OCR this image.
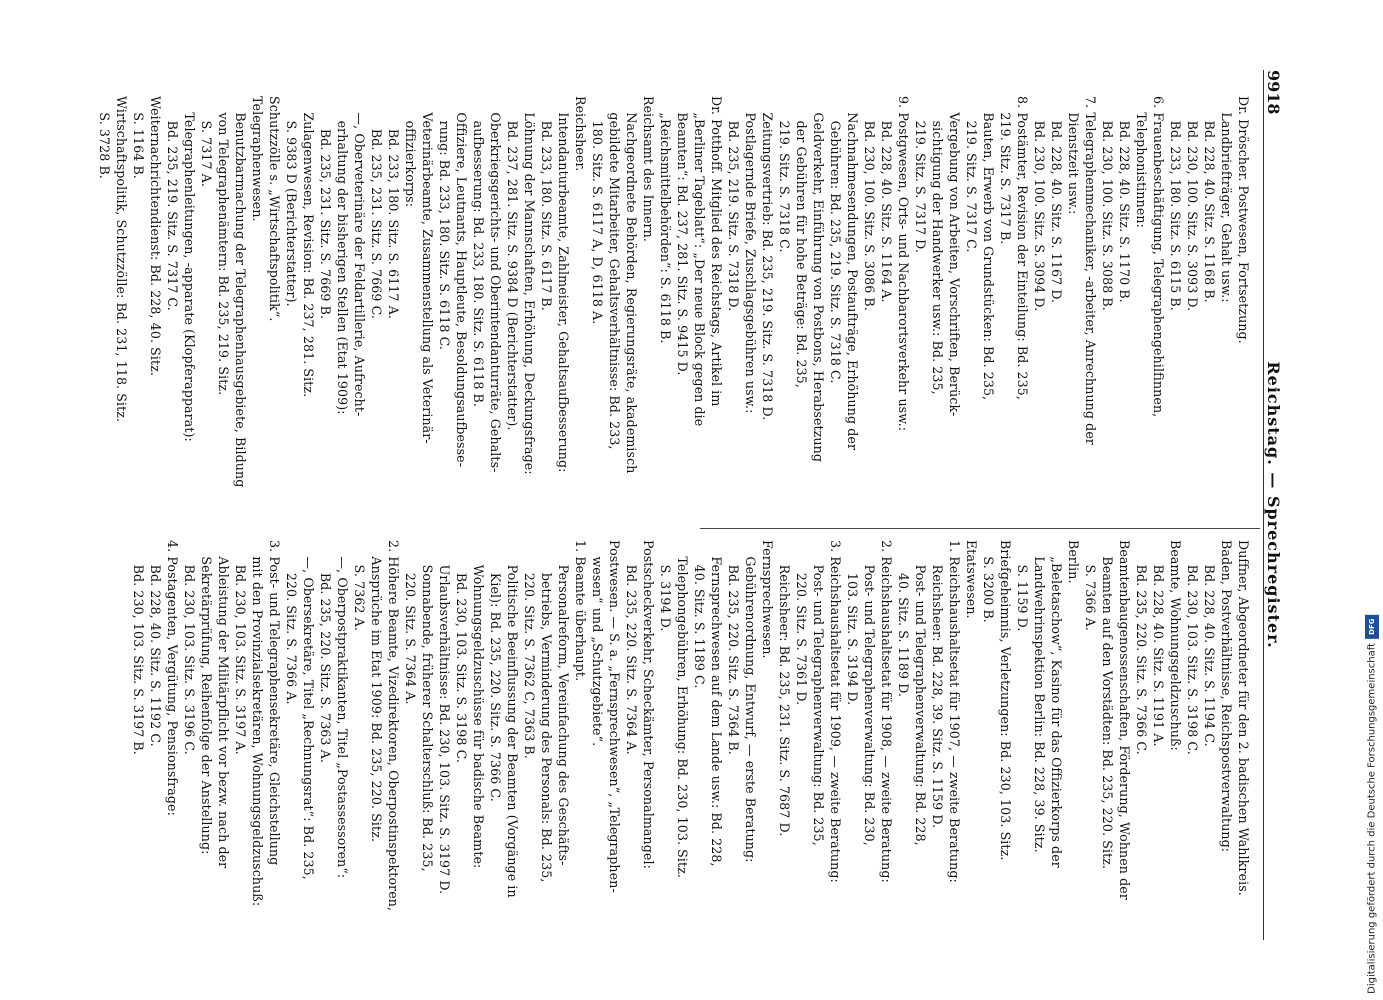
9918
Reichstag. — Sprechregister.
Dr. Dröscher. Postwesen, Fortsetzung.
Landbriefträger, Gehalt usw.:
Bd. 228, 40. Sitz. S. 1168 B.
Bd. 230, 100. Sitz. S. 3093 D.
Bd. 233, 180. Sitz. S. 6115 B.
6. Frauenbeschäftigung, Telegraphengehilfinnen,
Telephonistinnen:
Bd. 228, 40. Sitz. S. 1170 B.
Bd. 230, 100. Sitz. S. 3088 B.
7. Telegraphenmechaniker, -arbeiter, Anrechnung der
Dienstzeit usw.:
Bd. 228, 40. Sitz. S. 1167 D.
Bd. 230, 100. Sitz. S. 3094 D.
8. Postämter, Revision der Einteilung: Bd. 235,
219. Sitz. S. 7317 B.
Bauten, Erwerb von Grundstücken: Bd. 235,
219. Sitz. S. 7317 C.
Vergebung von Arbeiten, Vorschriften, Berück-
sichtigung der Handwerker usw.: Bd. 235,
219. Sitz. S. 7317 D.
9. Postgwesen, Orts- und Nachbarortsverkehr usw.:
Bd. 228, 40. Sitz. S. 1164 A.
Bd. 230, 100. Sitz. S. 3086 B.
Nachnahmesendungen, Postaufträge, Erhöhung der
Gebühren: Bd. 235, 219. Sitz. S. 7318 C.
Geldverkehr, Einführung von Postbons, Herabsetzung
der Gebühren für hohe Beträge: Bd. 235,
219. Sitz. S. 7318 C.
Zeitungsvertrieb: Bd. 235, 219. Sitz. S. 7318 D.
Postlagernde Briefe, Zuschlagsgebühren usw.:
Bd. 235, 219. Sitz. S. 7318 D.
Dr. Potthoff. Mitglied des Reichstags, Artikel im
„Berliner Tageblatt“: „Der neue Block gegen die
Beamten“: Bd. 237, 281. Sitz. S. 9415 D.
„Reichsmittelbehörden“: S. 6118 B.
Reichsamt des Innern.
Nachgeordnete Behörden, Regierungsräte, akademisch
gebildete Mitarbeiter, Gehaltsverhältnisse: Bd. 233,
180. Sitz. S. 6117 A, D, 6118 A.
Reichsheer.
Intendanturbeamte, Zahlmeister, Gehaltsaufbesserung:
Bd. 233, 180. Sitz. S. 6117 B.
Löhnung der Mannschaften, Erhöhung, Deckungsfrage:
Bd. 237, 281. Sitz. S. 9384 D (Berichterstatter).
Oberkriegsgerichts- und Oberintendanturräte, Gehalts-
aufbesserung: Bd. 233, 180. Sitz. S. 6118 B.
Offiziere, Leutnants, Hauptleute, Besoldungsaufbesse-
rung: Bd. 233, 180. Sitz. S. 6118 C.
Veterinärbeamte, Zusammenstellung als Veterinär-
offizierkorps:
Bd. 233, 180. Sitz. S. 6117 A.
Bd. 235, 231. Sitz. S. 7669 C.
—, Oberveterinäre der Feldartillerie, Aufrecht-
erhaltung der bisherigen Stellen (Etat 1909):
Bd. 235, 231. Sitz. S. 7669 B.
Zulagenwesen, Revision: Bd. 237, 281. Sitz.
S. 9383 D (Berichterstatter).
Schutzzölle s. „Wirtschaftspolitik“.
Telegraphenwesen.
Benutzbarmachung der Telegraphenhausgebiete, Bildung
von Telegraphenämtern: Bd. 235, 219. Sitz.
S. 7317 A.
Telegraphenleitungen, -apparate (Klopferapparat):
Bd. 235, 219. Sitz. S. 7317 C.
Weiternachrichtendienst: Bd. 228, 40. Sitz.
S. 1164 B.
Wirtschaftspolitik, Schutzzölle: Bd. 231, 118. Sitz.
S. 3728 B.
Duffner, Abgeordneter für den 2. badischen Wahlkreis.
Baden, Postverhältnisse, Reichspostverwaltung:
Bd. 228, 40. Sitz. S. 1194 C.
Bd. 230, 103. Sitz. S. 3198 C.
Beamte, Wohnungsgeldzuschuß:
Bd. 228, 40. Sitz. S. 1191 A.
Bd. 235, 220. Sitz. S. 7366 C.
Beamtenbaugenossenschaften, Förderung, Wohnen der
Beamten auf den Vorstädten: Bd. 235, 220. Sitz.
S. 7366 A.
Berlin.
„Beletaschow“, Kasino für das Offizierkorps der
Landwehrinspektion Berlin: Bd. 228, 39. Sitz.
S. 1159 D.
Briefgeheimnis, Verletzungen: Bd. 230, 103. Sitz.
S. 3200 B.
Etatswesen.
1. Reichshaushaltsetat für 1907, — zweite Beratung:
Reichsheer: Bd. 228, 39. Sitz. S. 1159 D.
Post- und Telegraphenverwaltung: Bd. 228,
40. Sitz. S. 1189 D.
2. Reichshaushaltsetat für 1908, — zweite Beratung:
Post- und Telegraphenverwaltung: Bd. 230,
103. Sitz. S. 3194 D.
3. Reichshaushaltsetat für 1909, — zweite Beratung:
Post- und Telegraphenverwaltung: Bd. 235,
220. Sitz. S. 7361 D.
Reichsheer: Bd. 235, 231. Sitz. S. 7687 D.
Fernsprechwesen.
Gebührenordnung, Entwurf, — erste Beratung:
Bd. 235, 220. Sitz. S. 7364 B.
Fernsprechwesen auf dem Lande usw.: Bd. 228,
40. Sitz. S. 1189 C.
Telephongebühren, Erhöhung: Bd. 230, 103. Sitz.
S. 3194 D.
Postscheckverkehr, Scheckämter, Personalmangel:
Bd. 235, 220. Sitz. S. 7364 A.
Postwesen. — S. a. „Fernsprechwesen“, „Telegraphen-
wesen“ und „Schutzgebiete“.
1. Beamte überhaupt.
Personalreform, Vereinfachung des Geschäfts-
betriebs, Verminderung des Personals: Bd. 235,
220. Sitz. S. 7362 C, 7363 B.
Politische Beeinflussung der Beamten (Vorgänge in
Kiel): Bd. 235, 220. Sitz. S. 7366 C.
Wohnungsgeldzuschüsse für badische Beamte:
Bd. 230, 103. Sitz. S. 3198 C.
Urlaubsverhältnisse: Bd. 230, 103. Sitz. S. 3197 D.
Sonnabende, früherer Schalterschluß: Bd. 235,
220. Sitz. S. 7364 A.
2. Höhere Beamte, Vizedirektoren, Oberpostinspektoren,
Ansprüche im Etat 1909: Bd. 235, 220. Sitz.
S. 7362 A.
—, Oberpostpraktikanten, Titel „Postassessoren“:
Bd. 235, 220. Sitz. S. 7363 A.
—, Obersekretäre, Titel „Rechnungsrat“: Bd. 235,
220. Sitz. S. 7366 A.
3. Post- und Telegraphensekretäre, Gleichstellung
mit den Provinzialsekretären, Wohnungsgeldzuschuß:
Bd. 230, 103. Sitz. S. 3197 A.
Ableistung der Militärpflicht vor bezw. nach der
Sekretärprüfung, Reihenfolge der Anstellung:
Bd. 230, 103. Sitz. S. 3196 C.
4. Postagenten, Vergütung, Pensionsfrage:
Bd. 228, 40. Sitz. S. 1192 C.
Bd. 230, 103. Sitz. S. 3197 B.	Digitalisierung gefördert durch die Deutsche Forschungsgemeinschaft
DFG
